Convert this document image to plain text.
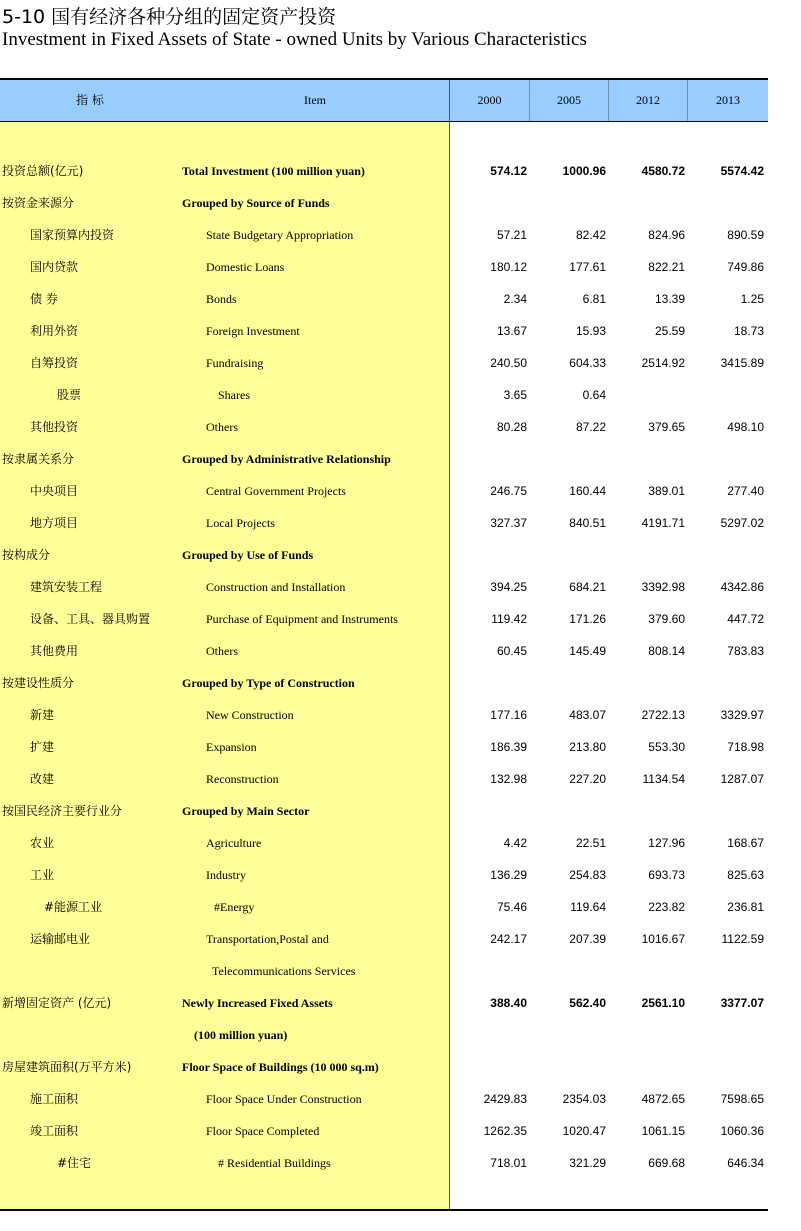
5-10 国有经济各种分组的固定资产投资
Investment in Fixed Assets of State - owned Units by Various Characteristics
指 标	Item	2000	2005	2012	2013
投资总额(亿元)	Total Investment (100 million yuan)	574.12	1000.96	4580.72	5574.42
按资金来源分	Grouped by Source of Funds
国家预算内投资	State Budgetary Appropriation	57.21	82.42	824.96	890.59
国内贷款	Domestic Loans	180.12	177.61	822.21	749.86
债 券	Bonds	2.34	6.81	13.39	1.25
利用外资	Foreign Investment	13.67	15.93	25.59	18.73
自筹投资	Fundraising	240.50	604.33	2514.92	3415.89
股票	Shares	3.65	0.64
其他投资	Others	80.28	87.22	379.65	498.10
按隶属关系分	Grouped by Administrative Relationship
中央项目	Central Government Projects	246.75	160.44	389.01	277.40
地方项目	Local Projects	327.37	840.51	4191.71	5297.02
按构成分	Grouped by Use of Funds
建筑安装工程	Construction and Installation	394.25	684.21	3392.98	4342.86
设备、工具、器具购置	Purchase of Equipment and Instruments	119.42	171.26	379.60	447.72
其他费用	Others	60.45	145.49	808.14	783.83
按建设性质分	Grouped by Type of Construction
新建	New Construction	177.16	483.07	2722.13	3329.97
扩建	Expansion	186.39	213.80	553.30	718.98
改建	Reconstruction	132.98	227.20	1134.54	1287.07
按国民经济主要行业分	Grouped by Main Sector
农业	Agriculture	4.42	22.51	127.96	168.67
工业	Industry	136.29	254.83	693.73	825.63
#能源工业	#Energy	75.46	119.64	223.82	236.81
运输邮电业	Transportation,Postal and	242.17	207.39	1016.67	1122.59
Telecommunications Services
新增固定资产 (亿元)	Newly Increased Fixed Assets	388.40	562.40	2561.10	3377.07
(100 million yuan)
房屋建筑面积(万平方米)	Floor Space of Buildings (10 000 sq.m)
施工面积	Floor Space Under Construction	2429.83	2354.03	4872.65	7598.65
竣工面积	Floor Space Completed	1262.35	1020.47	1061.15	1060.36
#住宅	# Residential Buildings	718.01	321.29	669.68	646.34
